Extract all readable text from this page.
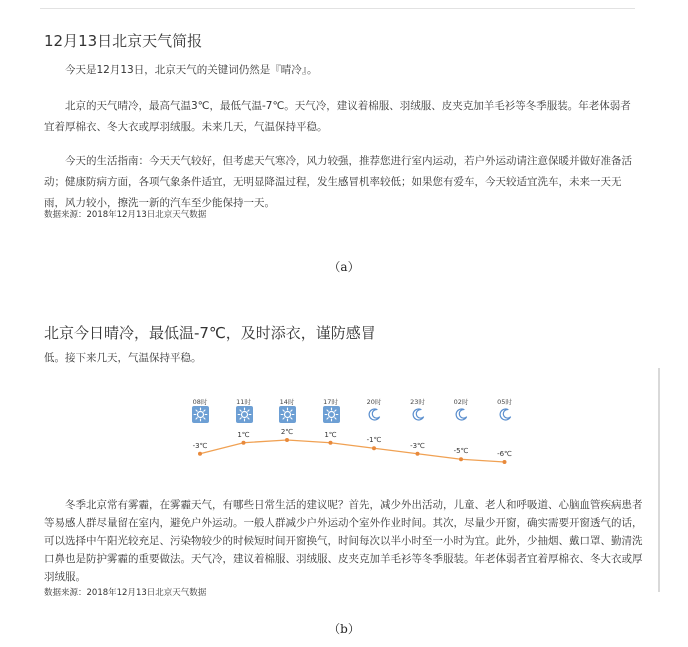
12月13日北京天气简报
今天是12月13日，北京天气的关键词仍然是『晴冷』。
北京的天气晴冷，最高气温3℃，最低气温-7℃。天气冷，建议着棉服、羽绒服、皮夹克加羊毛衫等冬季服装。年老体弱者宜着厚棉衣、冬大衣或厚羽绒服。未来几天，气温保持平稳。
今天的生活指南：今天天气较好，但考虑天气寒冷，风力较强，推荐您进行室内运动，若户外运动请注意保暖并做好准备活动；健康防病方面，各项气象条件适宜，无明显降温过程，发生感冒机率较低；如果您有爱车，今天较适宜洗车，未来一天无雨，风力较小，擦洗一新的汽车至少能保持一天。
数据来源：2018年12月13日北京天气数据
（a）
北京今日晴冷，最低温-7℃，及时添衣，谨防感冒
低。接下来几天，气温保持平稳。
08时	11时	14时	17时	20时	23时	02时	05时
-3℃
1℃	2℃	1℃
-1℃
-3℃
-5℃	-6℃
冬季北京常有雾霾，在雾霾天气，有哪些日常生活的建议呢？首先，减少外出活动，儿童、老人和呼吸道、心脑血管疾病患者等易感人群尽量留在室内，避免户外运动。一般人群减少户外运动个室外作业时间。其次，尽量少开窗，确实需要开窗透气的话，可以选择中午阳光较充足、污染物较少的时候短时间开窗换气，时间每次以半小时至一小时为宜。此外，少抽烟、戴口罩、勤清洗口鼻也是防护雾霾的重要做法。天气冷，建议着棉服、羽绒服、皮夹克加羊毛衫等冬季服装。年老体弱者宜着厚棉衣、冬大衣或厚羽绒服。
数据来源：2018年12月13日北京天气数据
（b）
